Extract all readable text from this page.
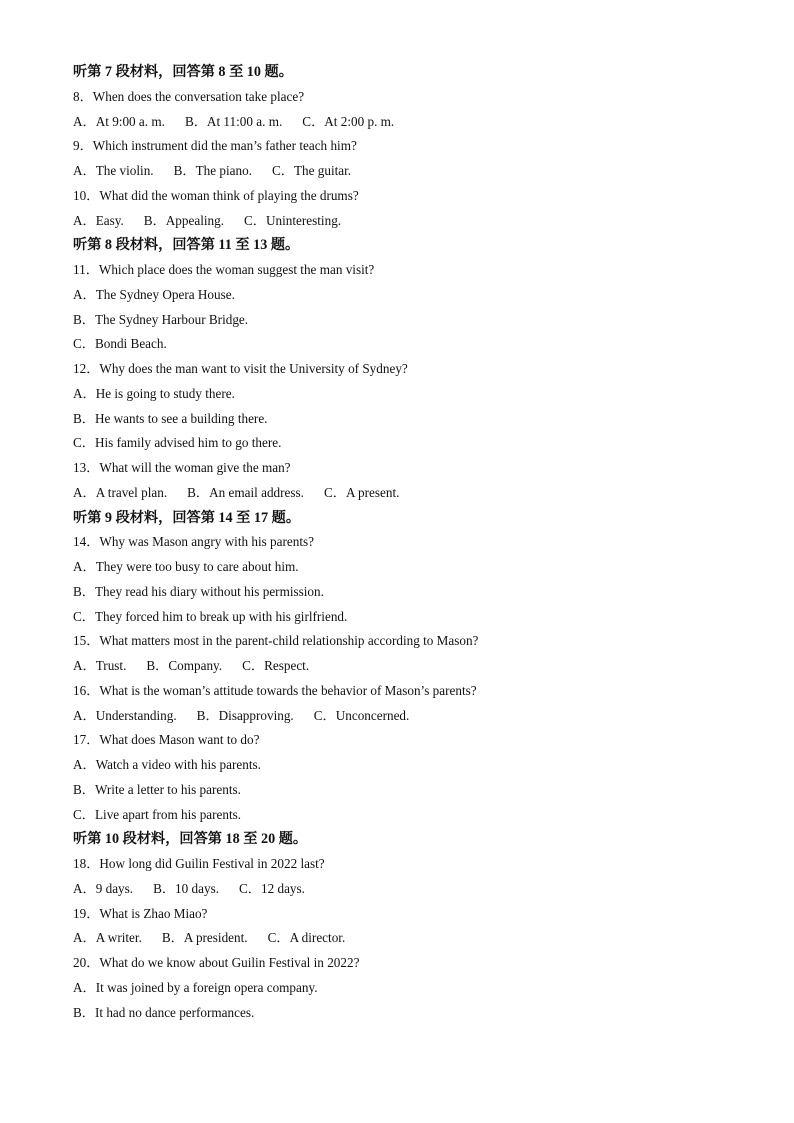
听第 7 段材料，回答第 8 至 10 题。
8．When does the conversation take place?
A．At 9:00 a. m. B．At 11:00 a. m. C．At 2:00 p. m.
9．Which instrument did the man’s father teach him?
A．The violin. B．The piano. C．The guitar.
10．What did the woman think of playing the drums?
A．Easy. B．Appealing. C．Uninteresting.
听第 8 段材料，回答第 11 至 13 题。
11．Which place does the woman suggest the man visit?
A．The Sydney Opera House.
B．The Sydney Harbour Bridge.
C．Bondi Beach.
12．Why does the man want to visit the University of Sydney?
A．He is going to study there.
B．He wants to see a building there.
C．His family advised him to go there.
13．What will the woman give the man?
A．A travel plan. B．An email address. C．A present.
听第 9 段材料，回答第 14 至 17 题。
14．Why was Mason angry with his parents?
A．They were too busy to care about him.
B．They read his diary without his permission.
C．They forced him to break up with his girlfriend.
15．What matters most in the parent-child relationship according to Mason?
A．Trust. B．Company. C．Respect.
16．What is the woman’s attitude towards the behavior of Mason’s parents?
A．Understanding. B．Disapproving. C．Unconcerned.
17．What does Mason want to do?
A．Watch a video with his parents.
B．Write a letter to his parents.
C．Live apart from his parents.
听第 10 段材料，回答第 18 至 20 题。
18．How long did Guilin Festival in 2022 last?
A．9 days. B．10 days. C．12 days.
19．What is Zhao Miao?
A．A writer. B．A president. C．A director.
20．What do we know about Guilin Festival in 2022?
A．It was joined by a foreign opera company.
B．It had no dance performances.
